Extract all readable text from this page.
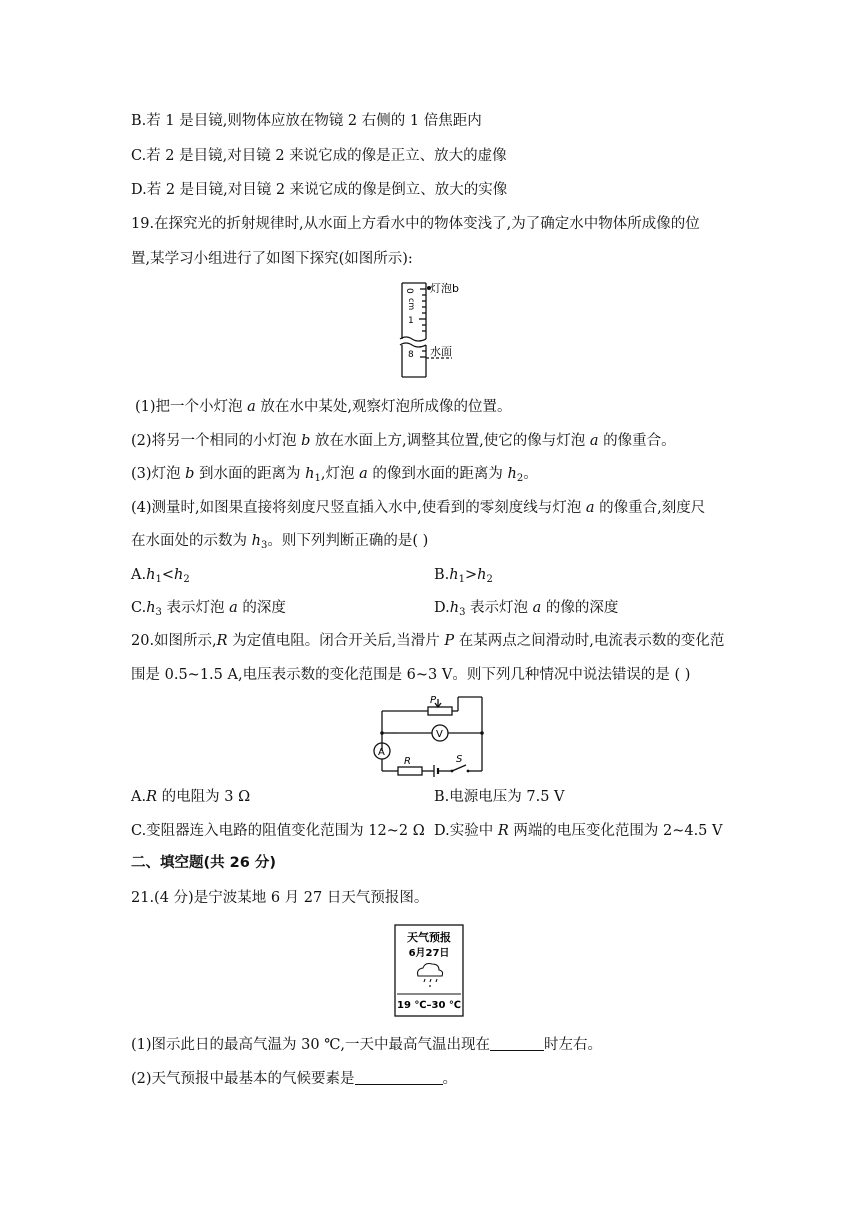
B.若 1 是目镜,则物体应放在物镜 2 右侧的 1 倍焦距内
C.若 2 是目镜,对目镜 2 来说它成的像是正立、放大的虚像
D.若 2 是目镜,对目镜 2 来说它成的像是倒立、放大的实像
19.在探究光的折射规律时,从水面上方看水中的物体变浅了,为了确定水中物体所成像的位
置,某学习小组进行了如图下探究(如图所示):
0
cm
1
8
灯泡b
水面
(1)把一个小灯泡 a 放在水中某处,观察灯泡所成像的位置。
(2)将另一个相同的小灯泡 b 放在水面上方,调整其位置,使它的像与灯泡 a 的像重合。
(3)灯泡 b 到水面的距离为 $h_1$,灯泡 a 的像到水面的距离为 $h_2$。
(4)测量时,如图果直接将刻度尺竖直插入水中,使看到的零刻度线与灯泡 a 的像重合,刻度尺
在水面处的示数为 $h_3$。则下列判断正确的是( )
$A.h_1<h_2$	$B.h_1>h_2$
$C.h_3$ 表示灯泡 a 的深度	$D.h_3$ 表示灯泡 a 的像的深度
20.如图所示,R 为定值电阻。闭合开关后,当滑片 P 在某两点之间滑动时,电流表示数的变化范
围是 0.5~1.5 A,电压表示数的变化范围是 6~3 V。则下列几种情况中说法错误的是 ( )
P
V
A
R	S
A.R 的电阻为 3 Ω	B.电源电压为 7.5 V
C.变阻器连入电路的阻值变化范围为 12~2 Ω D.实验中 R 两端的电压变化范围为 2~4.5 V
二、填空题(共 26 分)
21.(4 分)是宁波某地 6 月 27 日天气预报图。
天气预报
6月27日
19 ℃–30 ℃
(1)图示此日的最高气温为 30 ℃,一天中最高气温出现在	时左右。
(2)天气预报中最基本的气候要素是	。
